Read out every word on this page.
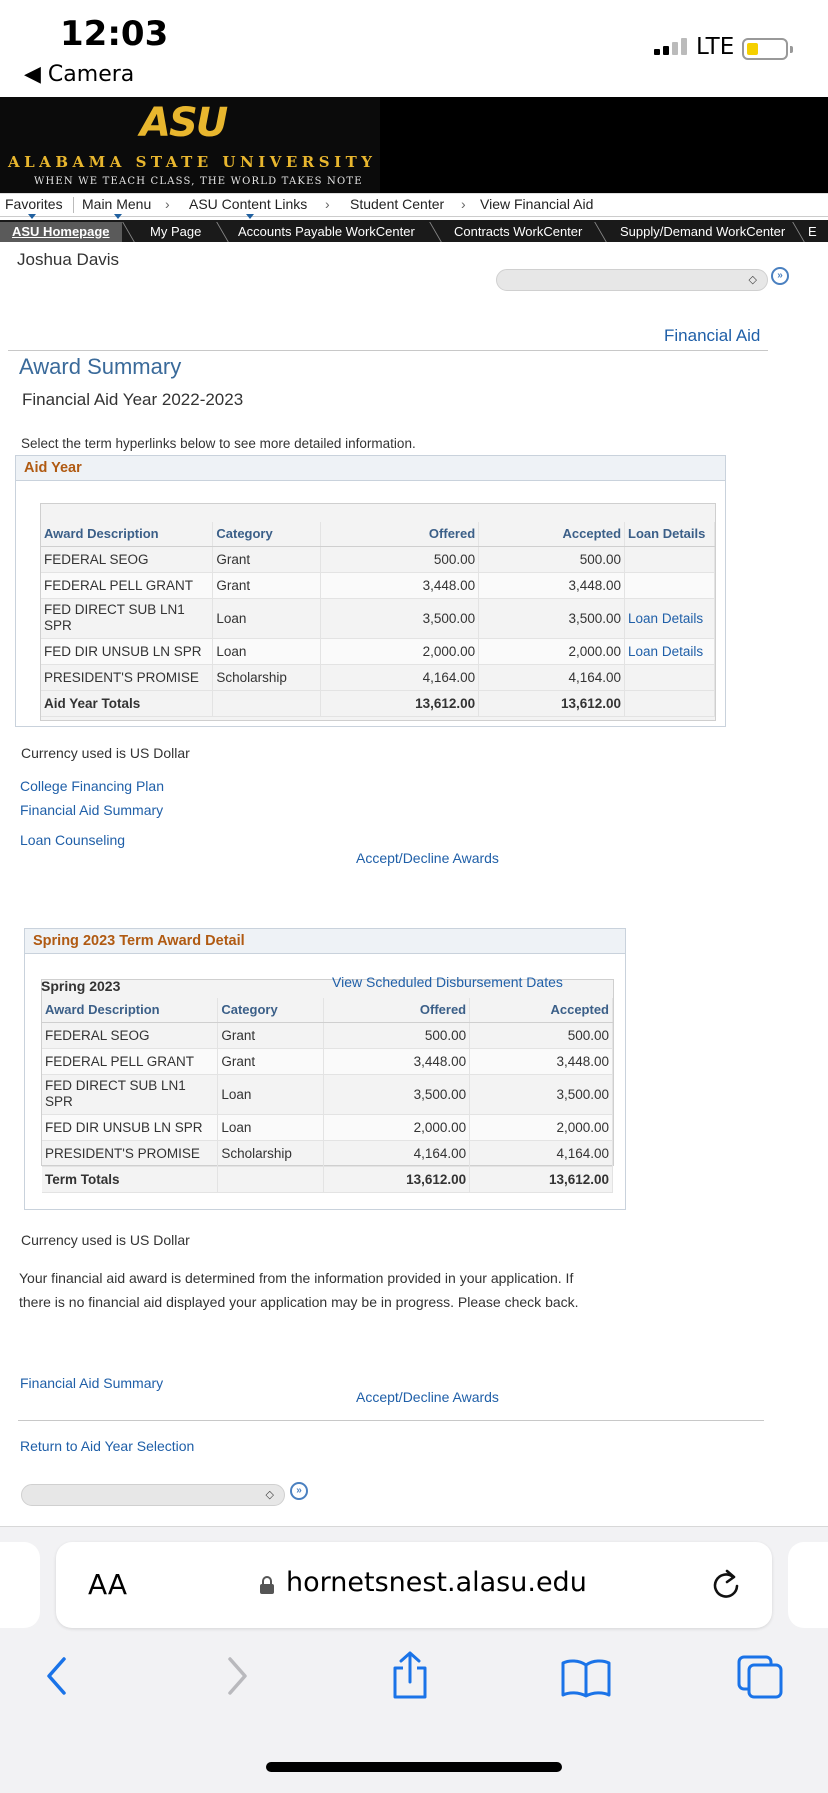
12:03
◀ Camera
LTE
ASU
ALABAMA STATE UNIVERSITY
WHEN WE TEACH CLASS, THE WORLD TAKES NOTE
Favorites Main Menu › ASU Content Links › Student Center › View Financial Aid
ASU Homepage	My Page	Accounts Payable WorkCenter	Contracts WorkCenter	Supply/Demand WorkCenter E
Joshua Davis
◇	»
Financial Aid
Award Summary
Financial Aid Year 2022-2023
Select the term hyperlinks below to see more detailed information.
Aid Year
Award Description	Category	Offered	Accepted	Loan Details
FEDERAL SEOG	Grant	500.00	500.00	
FEDERAL PELL GRANT	Grant	3,448.00	3,448.00	
FED DIRECT SUB LN1 SPR	Loan	3,500.00	3,500.00	Loan Details
FED DIR UNSUB LN SPR	Loan	2,000.00	2,000.00	Loan Details
PRESIDENT'S PROMISE	Scholarship	4,164.00	4,164.00	
Aid Year Totals		13,612.00	13,612.00	
Currency used is US Dollar
College Financing Plan
Financial Aid Summary
Loan Counseling
Accept/Decline Awards
Spring 2023 Term Award Detail
Spring 2023	View Scheduled Disbursement Dates
Award Description	Category	Offered	Accepted
FEDERAL SEOG	Grant	500.00	500.00
FEDERAL PELL GRANT	Grant	3,448.00	3,448.00
FED DIRECT SUB LN1 SPR	Loan	3,500.00	3,500.00
FED DIR UNSUB LN SPR	Loan	2,000.00	2,000.00
PRESIDENT'S PROMISE	Scholarship	4,164.00	4,164.00
Term Totals		13,612.00	13,612.00
Currency used is US Dollar
Your financial aid award is determined from the information provided in your application. If there is no financial aid displayed your application may be in progress. Please check back.
Financial Aid Summary
Accept/Decline Awards
Return to Aid Year Selection
◇	»
AA	hornetsnest.alasu.edu
